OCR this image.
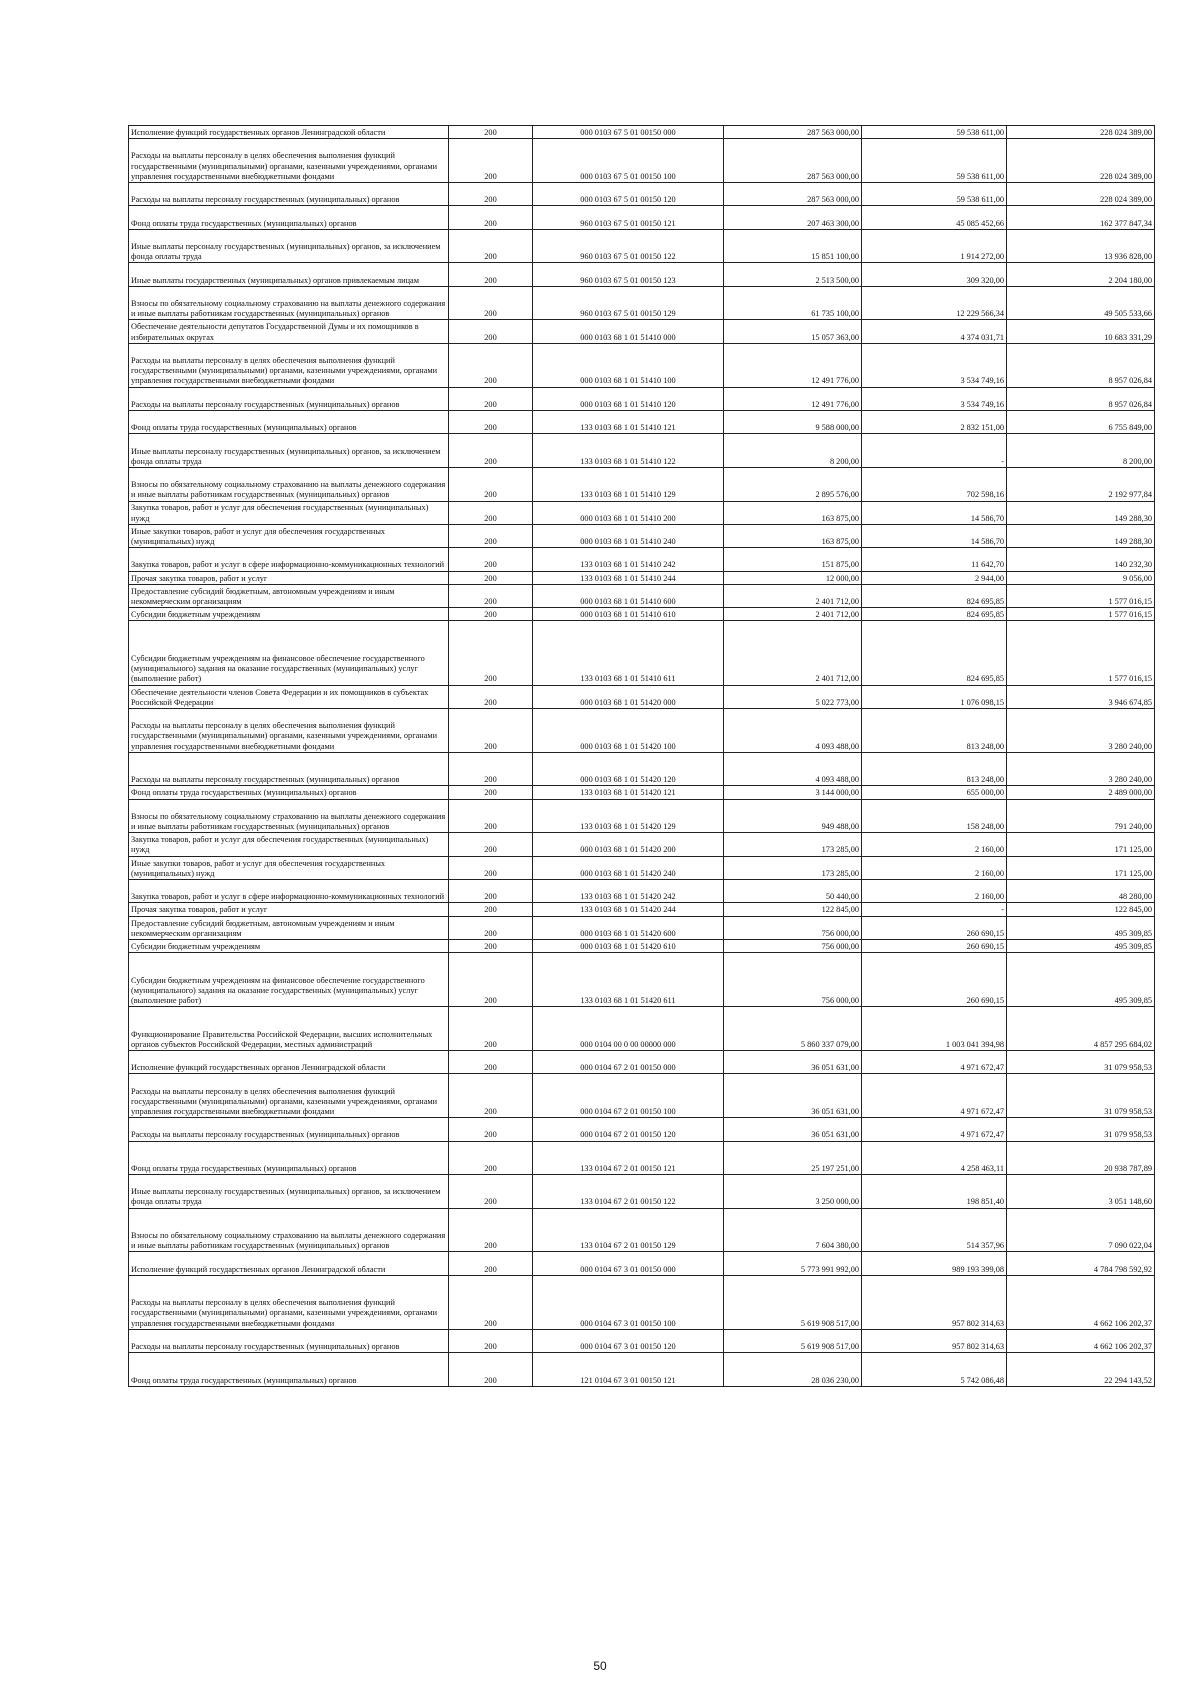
Исполнение функций государственных органов Ленинградской области	200	000 0103 67 5 01 00150 000	287 563 000,00	59 538 611,00	228 024 389,00
Расходы на выплаты персоналу в целях обеспечения выполнения функций государственными (муниципальными) органами, казенными учреждениями, органами управления государственными внебюджетными фондами	200	000 0103 67 5 01 00150 100	287 563 000,00	59 538 611,00	228 024 389,00
Расходы на выплаты персоналу государственных (муниципальных) органов	200	000 0103 67 5 01 00150 120	287 563 000,00	59 538 611,00	228 024 389,00
Фонд оплаты труда государственных (муниципальных) органов	200	960 0103 67 5 01 00150 121	207 463 300,00	45 085 452,66	162 377 847,34
Иные выплаты персоналу государственных (муниципальных) органов, за исключением фонда оплаты труда	200	960 0103 67 5 01 00150 122	15 851 100,00	1 914 272,00	13 936 828,00
Иные выплаты государственных (муниципальных) органов привлекаемым лицам	200	960 0103 67 5 01 00150 123	2 513 500,00	309 320,00	2 204 180,00
Взносы по обязательному социальному страхованию на выплаты денежного содержания и иные выплаты работникам государственных (муниципальных) органов	200	960 0103 67 5 01 00150 129	61 735 100,00	12 229 566,34	49 505 533,66
Обеспечение деятельности депутатов Государственной Думы и их помощников в избирательных округах	200	000 0103 68 1 01 51410 000	15 057 363,00	4 374 031,71	10 683 331,29
Расходы на выплаты персоналу в целях обеспечения выполнения функций государственными (муниципальными) органами, казенными учреждениями, органами управления государственными внебюджетными фондами	200	000 0103 68 1 01 51410 100	12 491 776,00	3 534 749,16	8 957 026,84
Расходы на выплаты персоналу государственных (муниципальных) органов	200	000 0103 68 1 01 51410 120	12 491 776,00	3 534 749,16	8 957 026,84
Фонд оплаты труда государственных (муниципальных) органов	200	133 0103 68 1 01 51410 121	9 588 000,00	2 832 151,00	6 755 849,00
Иные выплаты персоналу государственных (муниципальных) органов, за исключением фонда оплаты труда	200	133 0103 68 1 01 51410 122	8 200,00	-	8 200,00
Взносы по обязательному социальному страхованию на выплаты денежного содержания и иные выплаты работникам государственных (муниципальных) органов	200	133 0103 68 1 01 51410 129	2 895 576,00	702 598,16	2 192 977,84
Закупка товаров, работ и услуг для обеспечения государственных (муниципальных) нужд	200	000 0103 68 1 01 51410 200	163 875,00	14 586,70	149 288,30
Иные закупки товаров, работ и услуг для обеспечения государственных (муниципальных) нужд	200	000 0103 68 1 01 51410 240	163 875,00	14 586,70	149 288,30
Закупка товаров, работ и услуг в сфере информационно-коммуникационных технологий	200	133 0103 68 1 01 51410 242	151 875,00	11 642,70	140 232,30
Прочая закупка товаров, работ и услуг	200	133 0103 68 1 01 51410 244	12 000,00	2 944,00	9 056,00
Предоставление субсидий бюджетным, автономным учреждениям и иным некоммерческим организациям	200	000 0103 68 1 01 51410 600	2 401 712,00	824 695,85	1 577 016,15
Субсидии бюджетным учреждениям	200	000 0103 68 1 01 51410 610	2 401 712,00	824 695,85	1 577 016,15
Субсидии бюджетным учреждениям на финансовое обеспечение государственного (муниципального) задания на оказание государственных (муниципальных) услуг (выполнение работ)	200	133 0103 68 1 01 51410 611	2 401 712,00	824 695,85	1 577 016,15
Обеспечение деятельности членов Совета Федерации и их помощников в субъектах Российской Федерации	200	000 0103 68 1 01 51420 000	5 022 773,00	1 076 098,15	3 946 674,85
Расходы на выплаты персоналу в целях обеспечения выполнения функций государственными (муниципальными) органами, казенными учреждениями, органами управления государственными внебюджетными фондами	200	000 0103 68 1 01 51420 100	4 093 488,00	813 248,00	3 280 240,00
Расходы на выплаты персоналу государственных (муниципальных) органов	200	000 0103 68 1 01 51420 120	4 093 488,00	813 248,00	3 280 240,00
Фонд оплаты труда государственных (муниципальных) органов	200	133 0103 68 1 01 51420 121	3 144 000,00	655 000,00	2 489 000,00
Взносы по обязательному социальному страхованию на выплаты денежного содержания и иные выплаты работникам государственных (муниципальных) органов	200	133 0103 68 1 01 51420 129	949 488,00	158 248,00	791 240,00
Закупка товаров, работ и услуг для обеспечения государственных (муниципальных) нужд	200	000 0103 68 1 01 51420 200	173 285,00	2 160,00	171 125,00
Иные закупки товаров, работ и услуг для обеспечения государственных (муниципальных) нужд	200	000 0103 68 1 01 51420 240	173 285,00	2 160,00	171 125,00
Закупка товаров, работ и услуг в сфере информационно-коммуникационных технологий	200	133 0103 68 1 01 51420 242	50 440,00	2 160,00	48 280,00
Прочая закупка товаров, работ и услуг	200	133 0103 68 1 01 51420 244	122 845,00	-	122 845,00
Предоставление субсидий бюджетным, автономным учреждениям и иным некоммерческим организациям	200	000 0103 68 1 01 51420 600	756 000,00	260 690,15	495 309,85
Субсидии бюджетным учреждениям	200	000 0103 68 1 01 51420 610	756 000,00	260 690,15	495 309,85
Субсидии бюджетным учреждениям на финансовое обеспечение государственного (муниципального) задания на оказание государственных (муниципальных) услуг (выполнение работ)	200	133 0103 68 1 01 51420 611	756 000,00	260 690,15	495 309,85
Функционирование Правительства Российской Федерации, высших исполнительных органов субъектов Российской Федерации, местных администраций	200	000 0104 00 0 00 00000 000	5 860 337 079,00	1 003 041 394,98	4 857 295 684,02
Исполнение функций государственных органов Ленинградской области	200	000 0104 67 2 01 00150 000	36 051 631,00	4 971 672,47	31 079 958,53
Расходы на выплаты персоналу в целях обеспечения выполнения функций государственными (муниципальными) органами, казенными учреждениями, органами управления государственными внебюджетными фондами	200	000 0104 67 2 01 00150 100	36 051 631,00	4 971 672,47	31 079 958,53
Расходы на выплаты персоналу государственных (муниципальных) органов	200	000 0104 67 2 01 00150 120	36 051 631,00	4 971 672,47	31 079 958,53
Фонд оплаты труда государственных (муниципальных) органов	200	133 0104 67 2 01 00150 121	25 197 251,00	4 258 463,11	20 938 787,89
Иные выплаты персоналу государственных (муниципальных) органов, за исключением фонда оплаты труда	200	133 0104 67 2 01 00150 122	3 250 000,00	198 851,40	3 051 148,60
Взносы по обязательному социальному страхованию на выплаты денежного содержания и иные выплаты работникам государственных (муниципальных) органов	200	133 0104 67 2 01 00150 129	7 604 380,00	514 357,96	7 090 022,04
Исполнение функций государственных органов Ленинградской области	200	000 0104 67 3 01 00150 000	5 773 991 992,00	989 193 399,08	4 784 798 592,92
Расходы на выплаты персоналу в целях обеспечения выполнения функций государственными (муниципальными) органами, казенными учреждениями, органами управления государственными внебюджетными фондами	200	000 0104 67 3 01 00150 100	5 619 908 517,00	957 802 314,63	4 662 106 202,37
Расходы на выплаты персоналу государственных (муниципальных) органов	200	000 0104 67 3 01 00150 120	5 619 908 517,00	957 802 314,63	4 662 106 202,37
Фонд оплаты труда государственных (муниципальных) органов	200	121 0104 67 3 01 00150 121	28 036 230,00	5 742 086,48	22 294 143,52
50
